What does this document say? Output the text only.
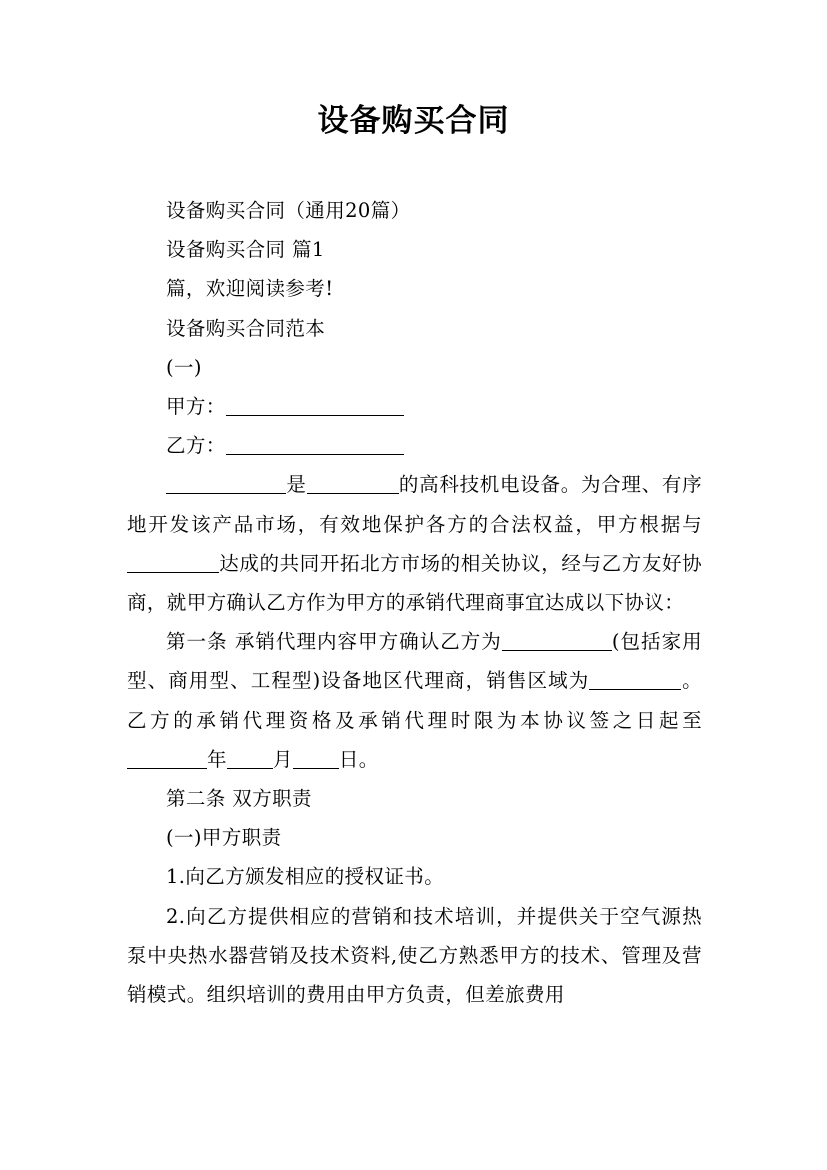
设备购买合同

设备购买合同（通用20篇）

设备购买合同 篇1

篇，欢迎阅读参考!

设备购买合同范本

(一)

甲方：

乙方：

是	的高科技机电设备。为合理、有序地开发该产品市场，有效地保护各方的合法权益，甲方根据与达成的共同开拓北方市场的相关协议，经与乙方友好协商，就甲方确认乙方作为甲方的承销代理商事宜达成以下协议：

第一条 承销代理内容甲方确认乙方为	(包括家用型、商用型、工程型)设备地区代理商，销售区域为	。乙方的承销代理资格及承销代理时限为本协议签之日起至年 月 日。

第二条 双方职责

(一)甲方职责

1.向乙方颁发相应的授权证书。

2.向乙方提供相应的营销和技术培训，并提供关于空气源热泵中央热水器营销及技术资料,使乙方熟悉甲方的技术、管理及营销模式。组织培训的费用由甲方负责，但差旅费用
